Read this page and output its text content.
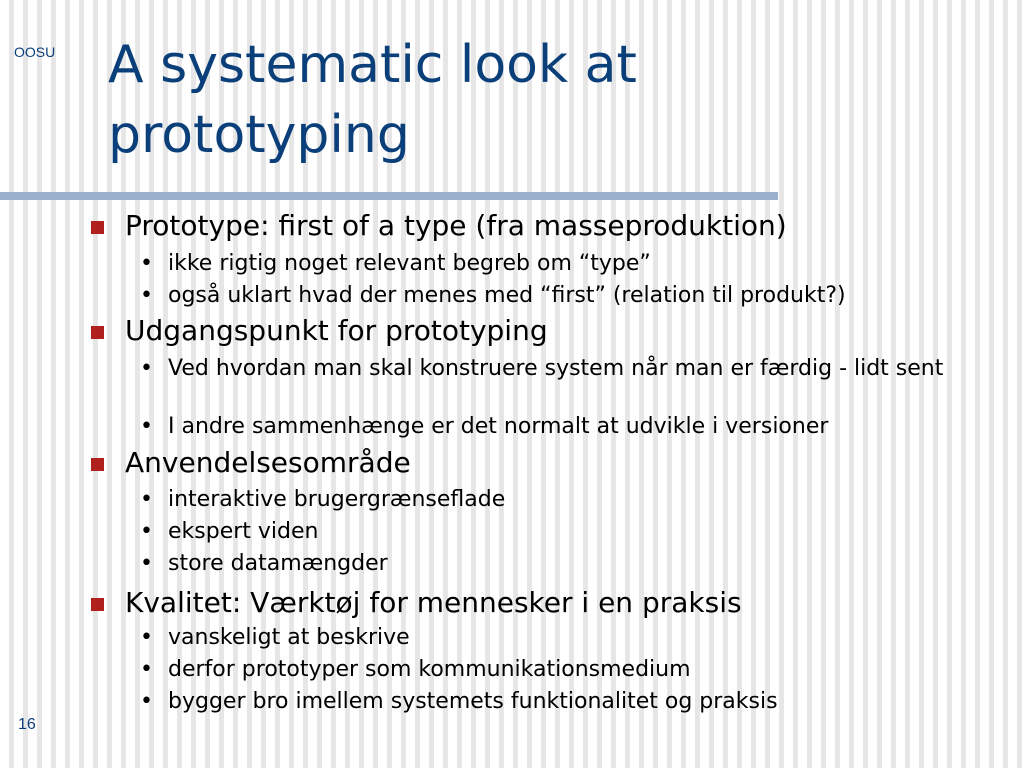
OOSU A systematic look at prototyping
Prototype: first of a type (fra masseproduktion)
• ikke rigtig noget relevant begreb om “type”
• også uklart hvad der menes med “first” (relation til produkt?)
Udgangspunkt for prototyping
• Ved hvordan man skal konstruere system når man er færdig - lidt sent
• I andre sammenhænge er det normalt at udvikle i versioner
Anvendelsesområde
• interaktive brugergrænseflade
• ekspert viden
• store datamængder
Kvalitet: Værktøj for mennesker i en praksis
• vanskeligt at beskrive
• derfor prototyper som kommunikationsmedium
• bygger bro imellem systemets funktionalitet og praksis
16
